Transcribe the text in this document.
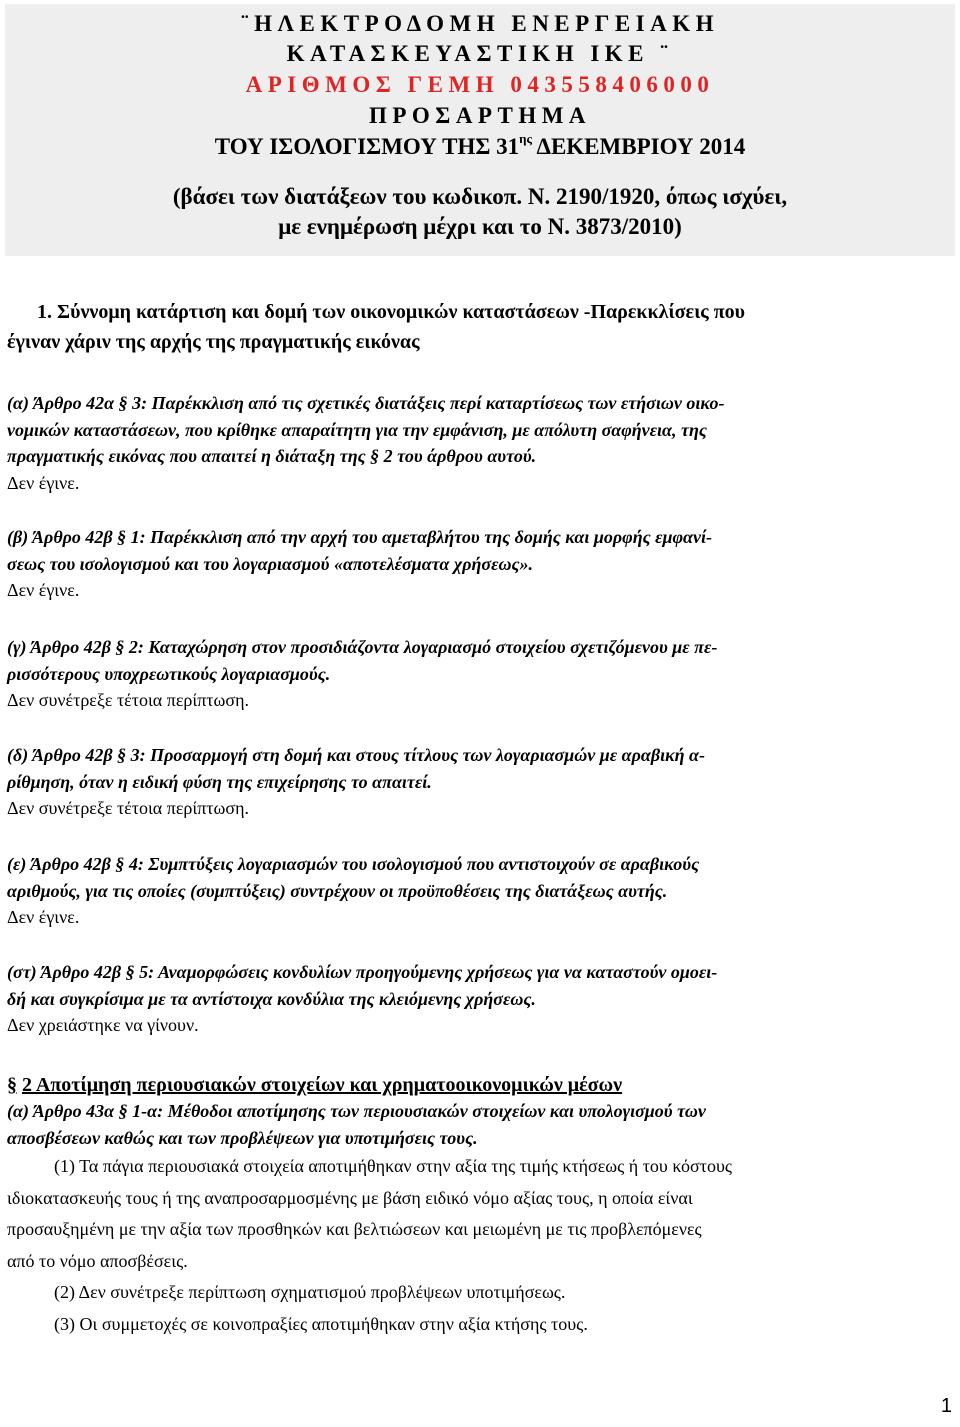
¨ΗΛΕΚΤΡΟΔΟΜΗ ΕΝΕΡΓΕΙΑΚΗ
ΚΑΤΑΣΚΕΥΑΣΤΙΚΗ ΙΚΕ ¨
ΑΡΙΘΜΟΣ ΓΕΜΗ 043558406000
ΠΡΟΣΑΡΤΗΜΑ
ΤΟΥ ΙΣΟΛΟΓΙΣΜΟΥ ΤΗΣ $31^{\eta\varsigma}$ ΔΕΚΕΜΒΡΙΟΥ 2014
(βάσει των διατάξεων του κωδικοπ. Ν. 2190/1920, όπως ισχύει,
με ενημέρωση μέχρι και το Ν. 3873/2010)
1. Σύννομη κατάρτιση και δομή των οικονομικών καταστάσεων -Παρεκκλίσεις που
έγιναν χάριν της αρχής της πραγματικής εικόνας
(α) Άρθρο 42α § 3: Παρέκκλιση από τις σχετικές διατάξεις περί καταρτίσεως των ετήσιων οικο-
νομικών καταστάσεων, που κρίθηκε απαραίτητη για την εμφάνιση, με απόλυτη σαφήνεια, της
πραγματικής εικόνας που απαιτεί η διάταξη της § 2 του άρθρου αυτού.
Δεν έγινε.
(β) Άρθρο 42β § 1: Παρέκκλιση από την αρχή του αμεταβλήτου της δομής και μορφής εμφανί-
σεως του ισολογισμού και του λογαριασμού «αποτελέσματα χρήσεως».
Δεν έγινε.
(γ) Άρθρο 42β § 2: Καταχώρηση στον προσιδιάζοντα λογαριασμό στοιχείου σχετιζόμενου με πε-
ρισσότερους υποχρεωτικούς λογαριασμούς.
Δεν συνέτρεξε τέτοια περίπτωση.
(δ) Άρθρο 42β § 3: Προσαρμογή στη δομή και στους τίτλους των λογαριασμών με αραβική α-
ρίθμηση, όταν η ειδική φύση της επιχείρησης το απαιτεί.
Δεν συνέτρεξε τέτοια περίπτωση.
(ε) Άρθρο 42β § 4: Συμπτύξεις λογαριασμών του ισολογισμού που αντιστοιχούν σε αραβικούς
αριθμούς, για τις οποίες (συμπτύξεις) συντρέχουν οι προϋποθέσεις της διατάξεως αυτής.
Δεν έγινε.
(στ) Άρθρο 42β § 5: Αναμορφώσεις κονδυλίων προηγούμενης χρήσεως για να καταστούν ομοει-
δή και συγκρίσιμα με τα αντίστοιχα κονδύλια της κλειόμενης χρήσεως.
Δεν χρειάστηκε να γίνουν.
§ 2 Αποτίμηση περιουσιακών στοιχείων και χρηματοοικονομικών μέσων
(α) Άρθρο 43α § 1-α: Μέθοδοι αποτίμησης των περιουσιακών στοιχείων και υπολογισμού των
αποσβέσεων καθώς και των προβλέψεων για υποτιμήσεις τους.
(1) Τα πάγια περιουσιακά στοιχεία αποτιμήθηκαν στην αξία της τιμής κτήσεως ή του κόστους
ιδιοκατασκευής τους ή της αναπροσαρμοσμένης με βάση ειδικό νόμο αξίας τους, η οποία είναι
προσαυξημένη με την αξία των προσθηκών και βελτιώσεων και μειωμένη με τις προβλεπόμενες
από το νόμο αποσβέσεις.
(2) Δεν συνέτρεξε περίπτωση σχηματισμού προβλέψεων υποτιμήσεως.
(3) Οι συμμετοχές σε κοινοπραξίες αποτιμήθηκαν στην αξία κτήσης τους.
1
